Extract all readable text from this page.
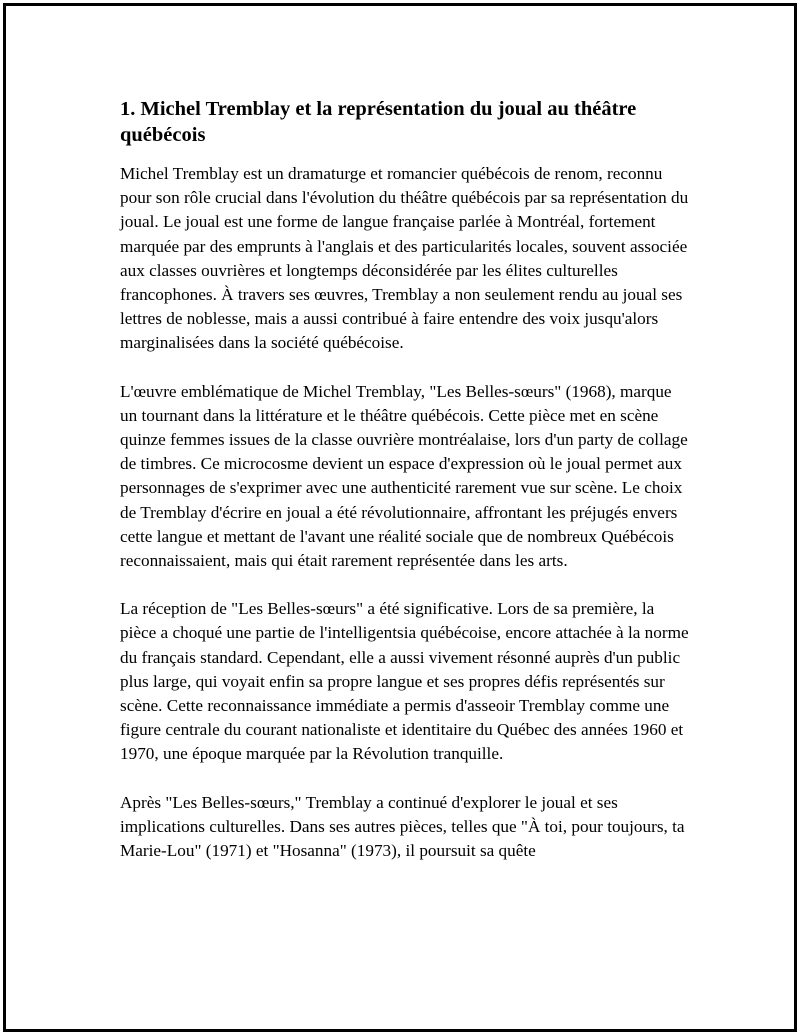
1. Michel Tremblay et la représentation du joual au théâtre québécois

Michel Tremblay est un dramaturge et romancier québécois de renom, reconnu pour son rôle crucial dans l'évolution du théâtre québécois par sa représentation du joual. Le joual est une forme de langue française parlée à Montréal, fortement marquée par des emprunts à l'anglais et des particularités locales, souvent associée aux classes ouvrières et longtemps déconsidérée par les élites culturelles francophones. À travers ses œuvres, Tremblay a non seulement rendu au joual ses lettres de noblesse, mais a aussi contribué à faire entendre des voix jusqu'alors marginalisées dans la société québécoise.

L'œuvre emblématique de Michel Tremblay, "Les Belles-sœurs" (1968), marque un tournant dans la littérature et le théâtre québécois. Cette pièce met en scène quinze femmes issues de la classe ouvrière montréalaise, lors d'un party de collage de timbres. Ce microcosme devient un espace d'expression où le joual permet aux personnages de s'exprimer avec une authenticité rarement vue sur scène. Le choix de Tremblay d'écrire en joual a été révolutionnaire, affrontant les préjugés envers cette langue et mettant de l'avant une réalité sociale que de nombreux Québécois reconnaissaient, mais qui était rarement représentée dans les arts.

La réception de "Les Belles-sœurs" a été significative. Lors de sa première, la pièce a choqué une partie de l'intelligentsia québécoise, encore attachée à la norme du français standard. Cependant, elle a aussi vivement résonné auprès d'un public plus large, qui voyait enfin sa propre langue et ses propres défis représentés sur scène. Cette reconnaissance immédiate a permis d'asseoir Tremblay comme une figure centrale du courant nationaliste et identitaire du Québec des années 1960 et 1970, une époque marquée par la Révolution tranquille.

Après "Les Belles-sœurs," Tremblay a continué d'explorer le joual et ses implications culturelles. Dans ses autres pièces, telles que "À toi, pour toujours, ta Marie-Lou" (1971) et "Hosanna" (1973), il poursuit sa quête
